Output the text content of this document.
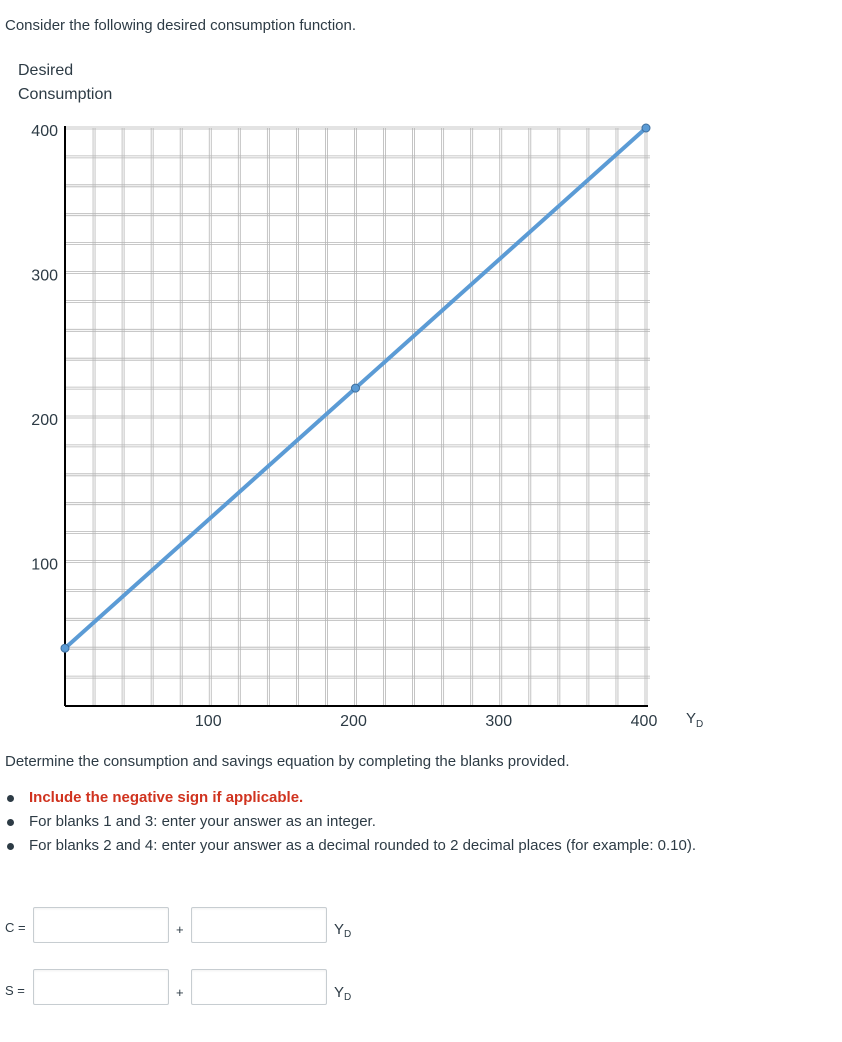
Consider the following desired consumption function.
Desired
Consumption
100	200	300	400
100
200
300
400
$Y_D$
Determine the consumption and savings equation by completing the blanks provided.
Include the negative sign if applicable.
For blanks 1 and 3: enter your answer as an integer.
For blanks 2 and 4: enter your answer as a decimal rounded to 2 decimal places (for example: 0.10).
C =	+	$Y_D$
S =	+	$Y_D$
